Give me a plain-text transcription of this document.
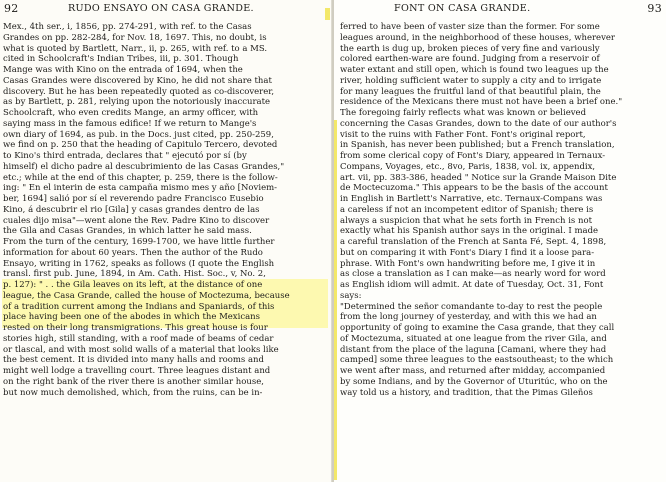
92	RUDO ENSAYO ON CASA GRANDE.
Mex., 4th ser., i, 1856, pp. 274-291, with ref. to the Casas
Grandes on pp. 282-284, for Nov. 18, 1697. This, no doubt, is
what is quoted by Bartlett, Narr., ii, p. 265, with ref. to a MS.
cited in Schoolcraft's Indian Tribes, iii, p. 301. Though
Mange was with Kino on the entrada of 1694, when the
Casas Grandes were discovered by Kino, he did not share that
discovery. But he has been repeatedly quoted as co-discoverer,
as by Bartlett, p. 281, relying upon the notoriously inaccurate
Schoolcraft, who even credits Mange, an army officer, with
saying mass in the famous edifice! If we return to Mange's
own diary of 1694, as pub. in the Docs. just cited, pp. 250-259,
we find on p. 250 that the heading of Capitulo Tercero, devoted
to Kino's third entrada, declares that " ejecutó por sí (by
himself) el dicho padre al descubrimiento de las Casas Grandes,"
etc.; while at the end of this chapter, p. 259, there is the follow-
ing: " En el interin de esta campaña mismo mes y año [Noviem-
ber, 1694] salió por sí el reverendo padre Francisco Eusebio
Kino, á descubrir el rio [Gila] y casas grandes dentro de las
cuales dijo misa"—went alone the Rev. Padre Kino to discover
the Gila and Casas Grandes, in which latter he said mass.
From the turn of the century, 1699-1700, we have little further
information for about 60 years. Then the author of the Rudo
Ensayo, writing in 1762, speaks as follows (I quote the English
transl. first pub. June, 1894, in Am. Cath. Hist. Soc., v, No. 2,
p. 127): " . . the Gila leaves on its left, at the distance of one
league, the Casa Grande, called the house of Moctezuma, because
of a tradition current among the Indians and Spaniards, of this
place having been one of the abodes in which the Mexicans
rested on their long transmigrations. This great house is four
stories high, still standing, with a roof made of beams of cedar
or tlascal, and with most solid walls of a material that looks like
the best cement. It is divided into many halls and rooms and
might well lodge a travelling court. Three leagues distant and
on the right bank of the river there is another similar house,
but now much demolished, which, from the ruins, can be in-
FONT ON CASA GRANDE.	93
ferred to have been of vaster size than the former. For some
leagues around, in the neighborhood of these houses, wherever
the earth is dug up, broken pieces of very fine and variously
colored earthen-ware are found. Judging from a reservoir of
water extant and still open, which is found two leagues up the
river, holding sufficient water to supply a city and to irrigate
for many leagues the fruitful land of that beautiful plain, the
residence of the Mexicans there must not have been a brief one."
The foregoing fairly reflects what was known or believed
concerning the Casas Grandes, down to the date of our author's
visit to the ruins with Father Font. Font's original report,
in Spanish, has never been published; but a French translation,
from some clerical copy of Font's Diary, appeared in Ternaux-
Compans, Voyages, etc., 8vo, Paris, 1838, vol. ix, appendix,
art. vii, pp. 383-386, headed " Notice sur la Grande Maison Dite
de Moctecuzoma." This appears to be the basis of the account
in English in Bartlett's Narrative, etc. Ternaux-Compans was
a careless if not an incompetent editor of Spanish; there is
always a suspicion that what he sets forth in French is not
exactly what his Spanish author says in the original. I made
a careful translation of the French at Santa Fé, Sept. 4, 1898,
but on comparing it with Font's Diary I find it a loose para-
phrase. With Font's own handwriting before me, I give it in
as close a translation as I can make—as nearly word for word
as English idiom will admit. At date of Tuesday, Oct. 31, Font
says:
"Determined the señor comandante to-day to rest the people
from the long journey of yesterday, and with this we had an
opportunity of going to examine the Casa grande, that they call
of Moctezuma, situated at one league from the river Gila, and
distant from the place of the laguna [Camani, where they had
camped] some three leagues to the eastsoutheast; to the which
we went after mass, and returned after midday, accompanied
by some Indians, and by the Governor of Uturitúc, who on the
way told us a history, and tradition, that the Pimas Gileños
